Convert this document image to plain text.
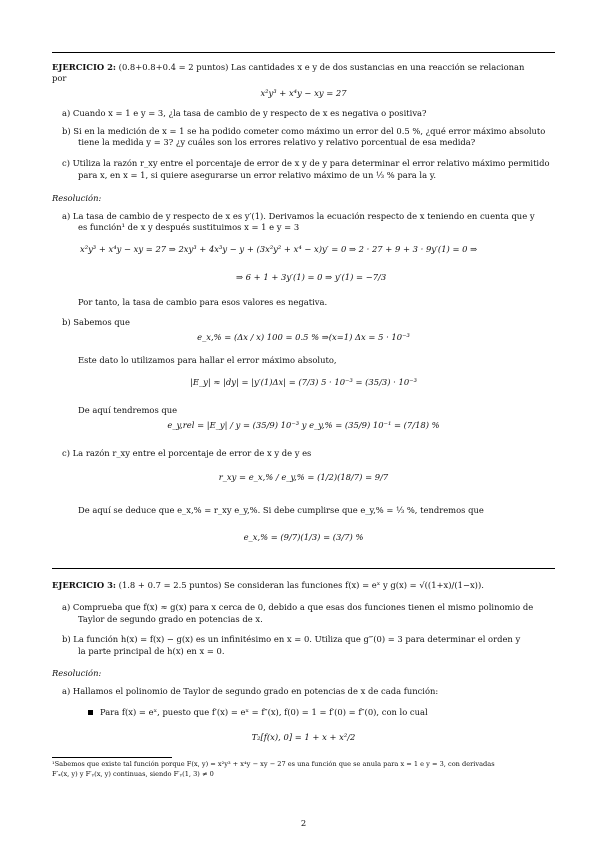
EJERCICIO 2: (0.8+0.8+0.4 = 2 puntos) Las cantidades x e y de dos sustancias en una reacción se relacionan
por
x²y³ + x⁴y − xy = 27
a) Cuando x = 1 e y = 3, ¿la tasa de cambio de y respecto de x es negativa o positiva?
b) Si en la medición de x = 1 se ha podido cometer como máximo un error del 0.5 %, ¿qué error máximo absoluto
tiene la medida y = 3? ¿y cuáles son los errores relativo y relativo porcentual de esa medida?
c) Utiliza la razón r_xy entre el porcentaje de error de x y de y para determinar el error relativo máximo permitido
para x, en x = 1, si quiere asegurarse un error relativo máximo de un ⅓ % para la y.
Resolución:
a) La tasa de cambio de y respecto de x es y′(1). Derivamos la ecuación respecto de x teniendo en cuenta que y
es función¹ de x y después sustituimos x = 1 e y = 3
x²y³ + x⁴y − xy = 27 ⇒ 2xy³ + 4x³y − y + (3x²y² + x⁴ − x)y′ = 0 ⇒ 2 · 27 + 9 + 3 · 9y′(1) = 0 ⇒
⇒ 6 + 1 + 3y′(1) = 0 ⇒ y′(1) = −7/3
Por tanto, la tasa de cambio para esos valores es negativa.
b) Sabemos que
e_x,% = (Δx / x) 100 = 0.5 % ⇒(x=1) Δx = 5 · 10⁻³
Este dato lo utilizamos para hallar el error máximo absoluto,
|E_y| ≈ |dy| = |y′(1)Δx| = (7/3) 5 · 10⁻³ = (35/3) · 10⁻³
De aquí tendremos que
e_y,rel = |E_y| / y = (35/9) 10⁻³ y e_y,% = (35/9) 10⁻¹ = (7/18) %
c) La razón r_xy entre el porcentaje de error de x y de y es
r_xy = e_x,% / e_y,% = (1/2)(18/7) = 9/7
De aquí se deduce que e_x,% = r_xy e_y,%. Si debe cumplirse que e_y,% = ⅓ %, tendremos que
e_x,% = (9/7)(1/3) = (3/7) %
EJERCICIO 3: (1.8 + 0.7 = 2.5 puntos) Se consideran las funciones f(x) = eˣ y g(x) = √((1+x)/(1−x)).
a) Comprueba que f(x) ≈ g(x) para x cerca de 0, debido a que esas dos funciones tienen el mismo polinomio de
Taylor de segundo grado en potencias de x.
b) La función h(x) = f(x) − g(x) es un infinitésimo en x = 0. Utiliza que g‴(0) = 3 para determinar el orden y
la parte principal de h(x) en x = 0.
Resolución:
a) Hallamos el polinomio de Taylor de segundo grado en potencias de x de cada función:
Para f(x) = eˣ, puesto que f′(x) = eˣ = f″(x), f(0) = 1 = f′(0) = f″(0), con lo cual
T₂[f(x), 0] = 1 + x + x²/2
¹Sabemos que existe tal función porque F(x, y) = x²y³ + x⁴y − xy − 27 es una función que se anula para x = 1 e y = 3, con derivadas
F′ₓ(x, y) y F′ᵧ(x, y) continuas, siendo F′ᵧ(1, 3) ≠ 0
2
